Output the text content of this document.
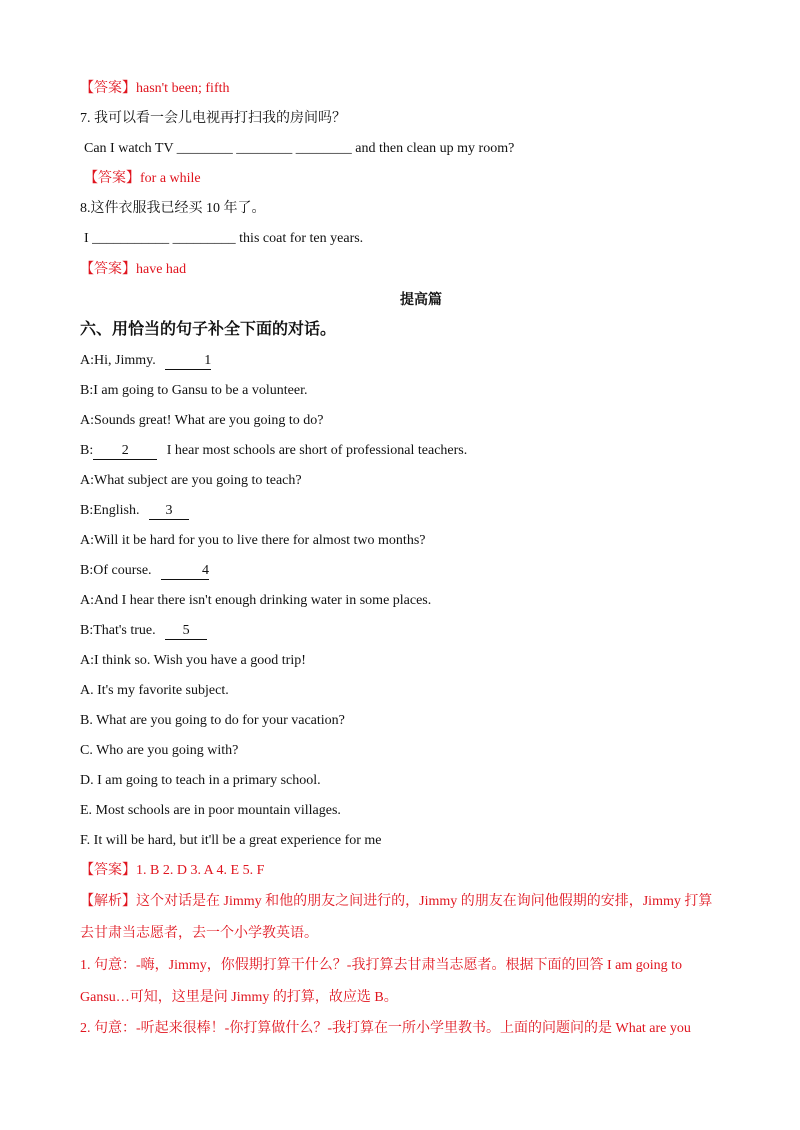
【答案】hasn't been; fifth
7. 我可以看一会儿电视再打扫我的房间吗？
Can I watch TV ________ ________ ________ and then clean up my room?
【答案】for a while
8.这件衣服我已经买 10 年了。
I ___________ _________ this coat for ten years.
【答案】have had
提高篇
六、用恰当的句子补全下面的对话。
A:Hi, Jimmy.	1
B:I am going to Gansu to be a volunteer.
A:Sounds great! What are you going to do?
B: 2	I hear most schools are short of professional teachers.
A:What subject are you going to teach?
B:English. 3
A:Will it be hard for you to live there for almost two months?
B:Of course.	4
A:And I hear there isn't enough drinking water in some places.
B:That's true. 5
A:I think so. Wish you have a good trip!
A. It's my favorite subject.
B. What are you going to do for your vacation?
C. Who are you going with?
D. I am going to teach in a primary school.
E. Most schools are in poor mountain villages.
F. It will be hard, but it'll be a great experience for me
【答案】1. B 2. D 3. A 4. E 5. F
【解析】这个对话是在 Jimmy 和他的朋友之间进行的，Jimmy 的朋友在询问他假期的安排，Jimmy 打算
去甘肃当志愿者，去一个小学教英语。
1. 句意：-嗨，Jimmy，你假期打算干什么？-我打算去甘肃当志愿者。根据下面的回答 I am going to
Gansu…可知，这里是问 Jimmy 的打算，故应选 B。
2. 句意：-听起来很棒！-你打算做什么？-我打算在一所小学里教书。上面的问题问的是 What are you
